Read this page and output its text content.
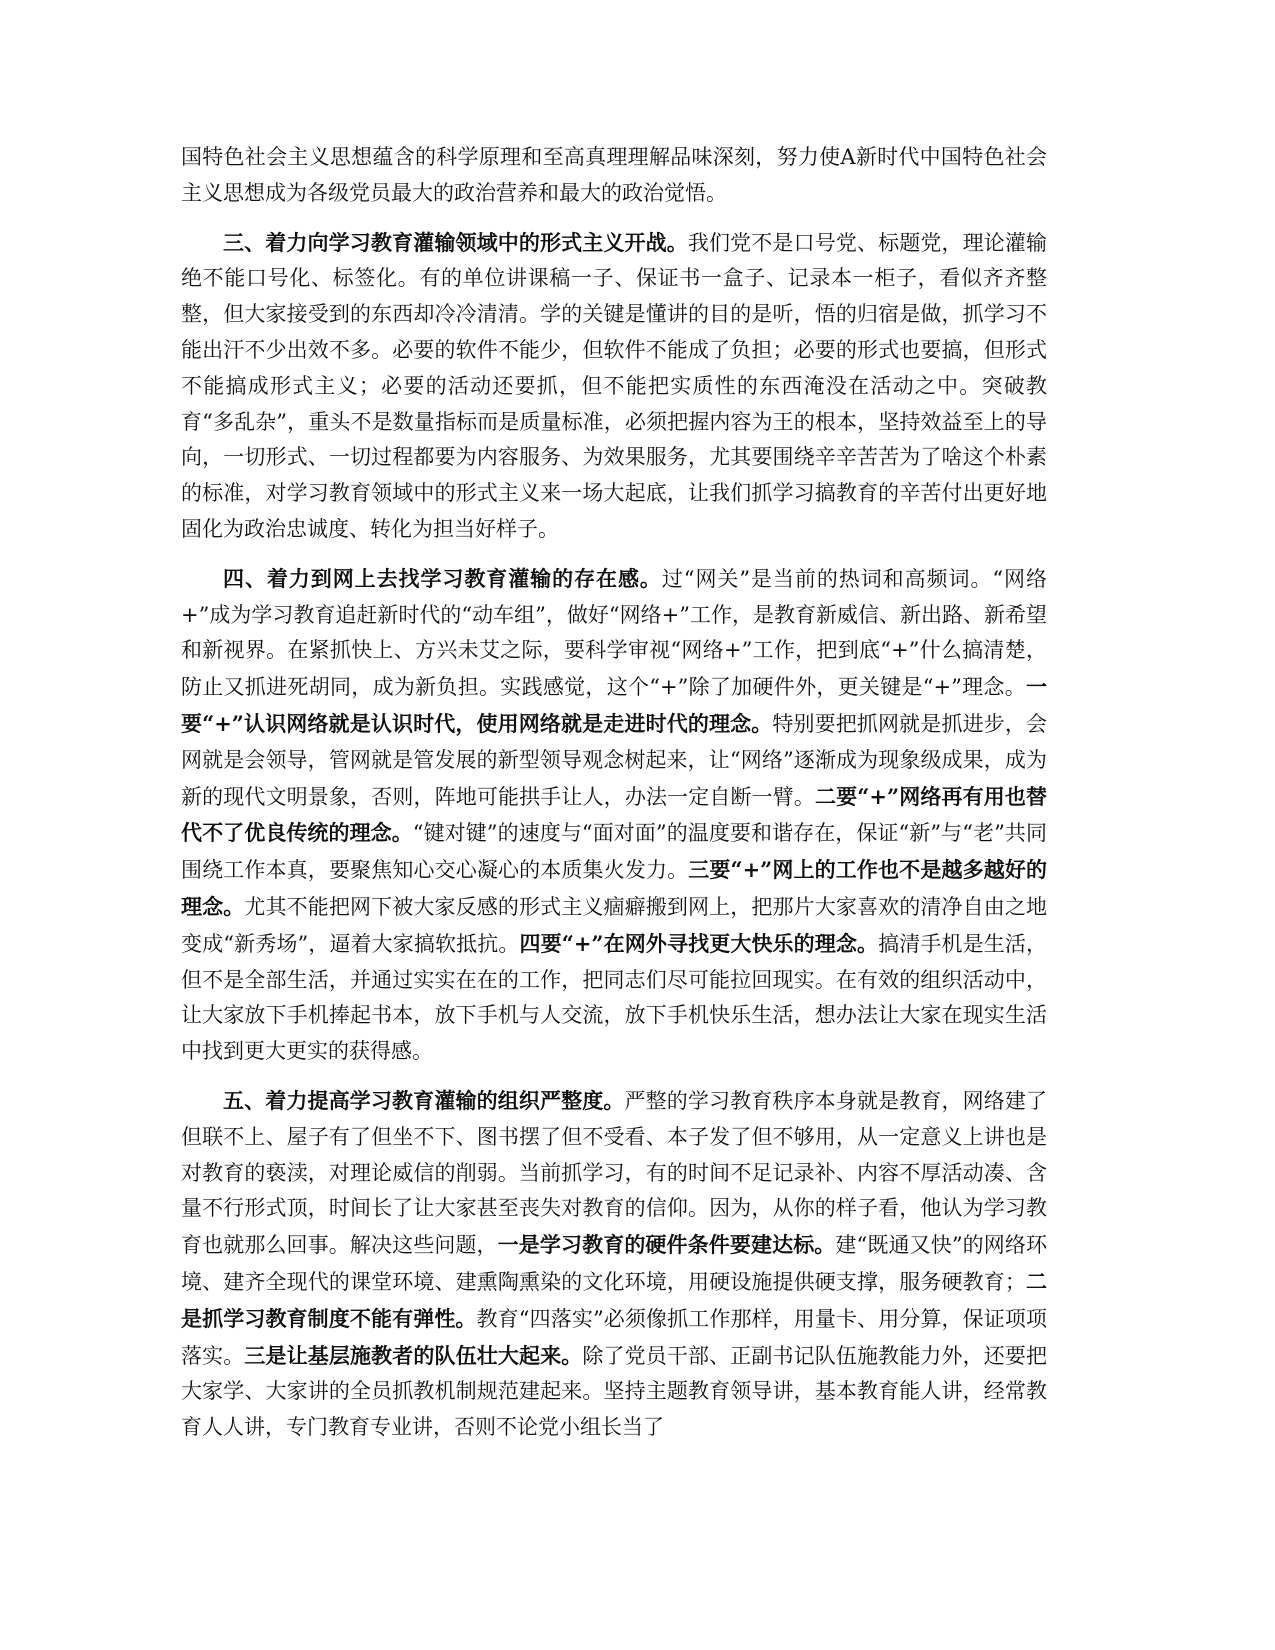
国特色社会主义思想蕴含的科学原理和至高真理理解品味深刻，努力使A新时代中国特色社会主义思想成为各级党员最大的政治营养和最大的政治觉悟。

三、着力向学习教育灌输领域中的形式主义开战。我们党不是口号党、标题党，理论灌输绝不能口号化、标签化。有的单位讲课稿一子、保证书一盒子、记录本一柜子，看似齐齐整整，但大家接受到的东西却冷冷清清。学的关键是懂讲的目的是听，悟的归宿是做，抓学习不能出汗不少出效不多。必要的软件不能少，但软件不能成了负担；必要的形式也要搞，但形式不能搞成形式主义；必要的活动还要抓，但不能把实质性的东西淹没在活动之中。突破教育“多乱杂”，重头不是数量指标而是质量标准，必须把握内容为王的根本，坚持效益至上的导向，一切形式、一切过程都要为内容服务、为效果服务，尤其要围绕辛辛苦苦为了啥这个朴素的标准，对学习教育领域中的形式主义来一场大起底，让我们抓学习搞教育的辛苦付出更好地固化为政治忠诚度、转化为担当好样子。

四、着力到网上去找学习教育灌输的存在感。过“网关”是当前的热词和高频词。“网络+”成为学习教育追赶新时代的“动车组”，做好“网络+”工作，是教育新威信、新出路、新希望和新视界。在紧抓快上、方兴未艾之际，要科学审视“网络+”工作，把到底“+”什么搞清楚，防止又抓进死胡同，成为新负担。实践感觉，这个“+”除了加硬件外，更关键是“+”理念。一要“+”认识网络就是认识时代，使用网络就是走进时代的理念。特别要把抓网就是抓进步，会网就是会领导，管网就是管发展的新型领导观念树起来，让“网络”逐渐成为现象级成果，成为新的现代文明景象，否则，阵地可能拱手让人，办法一定自断一臂。二要“+”网络再有用也替代不了优良传统的理念。“键对键”的速度与“面对面”的温度要和谐存在，保证“新”与“老”共同围绕工作本真，要聚焦知心交心凝心的本质集火发力。三要“+”网上的工作也不是越多越好的理念。尤其不能把网下被大家反感的形式主义痼癖搬到网上，把那片大家喜欢的清净自由之地变成“新秀场”，逼着大家搞软抵抗。四要“+”在网外寻找更大快乐的理念。搞清手机是生活，但不是全部生活，并通过实实在在的工作，把同志们尽可能拉回现实。在有效的组织活动中，让大家放下手机捧起书本，放下手机与人交流，放下手机快乐生活，想办法让大家在现实生活中找到更大更实的获得感。

五、着力提高学习教育灌输的组织严整度。严整的学习教育秩序本身就是教育，网络建了但联不上、屋子有了但坐不下、图书摆了但不受看、本子发了但不够用，从一定意义上讲也是对教育的亵渎，对理论威信的削弱。当前抓学习，有的时间不足记录补、内容不厚活动凑、含量不行形式顶，时间长了让大家甚至丧失对教育的信仰。因为，从你的样子看，他认为学习教育也就那么回事。解决这些问题，一是学习教育的硬件条件要建达标。建“既通又快”的网络环境、建齐全现代的课堂环境、建熏陶熏染的文化环境，用硬设施提供硬支撑，服务硬教育；二是抓学习教育制度不能有弹性。教育“四落实”必须像抓工作那样，用量卡、用分算，保证项项落实。三是让基层施教者的队伍壮大起来。除了党员干部、正副书记队伍施教能力外，还要把大家学、大家讲的全员抓教机制规范建起来。坚持主题教育领导讲，基本教育能人讲，经常教育人人讲，专门教育专业讲，否则不论党小组长当了
